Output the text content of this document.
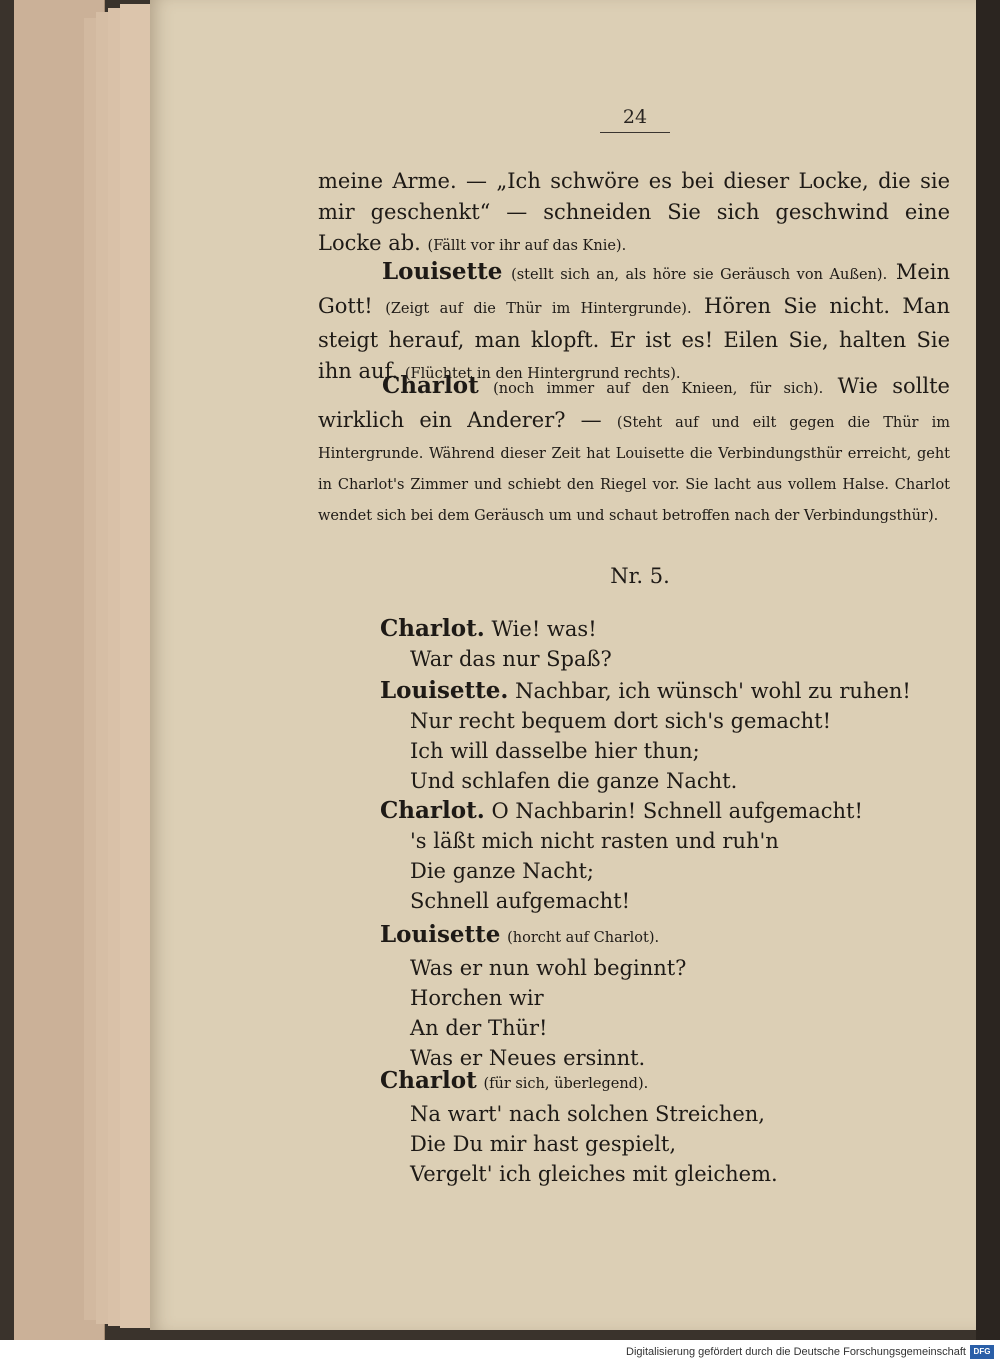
24
meine Arme. — „Ich schwöre es bei dieser Locke, die sie mir geschenkt“ — schneiden Sie sich geschwind eine Locke ab. (Fällt vor ihr auf das Knie).
Louisette (stellt sich an, als höre sie Geräusch von Außen). Mein Gott! (Zeigt auf die Thür im Hintergrunde). Hören Sie nicht. Man steigt herauf, man klopft. Er ist es! Eilen Sie, halten Sie ihn auf. (Flüchtet in den Hintergrund rechts).
Charlot (noch immer auf den Knieen, für sich). Wie sollte wirklich ein Anderer? — (Steht auf und eilt gegen die Thür im Hintergrunde. Während dieser Zeit hat Louisette die Verbindungsthür erreicht, geht in Charlot's Zimmer und schiebt den Riegel vor. Sie lacht aus vollem Halse. Charlot wendet sich bei dem Geräusch um und schaut betroffen nach der Verbindungsthür).
Nr. 5.
Charlot. Wie! was!
War das nur Spaß?
Louisette. Nachbar, ich wünsch' wohl zu ruhen!
Nur recht bequem dort sich's gemacht!
Ich will dasselbe hier thun;
Und schlafen die ganze Nacht.
Charlot. O Nachbarin! Schnell aufgemacht!
's läßt mich nicht rasten und ruh'n
Die ganze Nacht;
Schnell aufgemacht!
Louisette (horcht auf Charlot).
Was er nun wohl beginnt?
Horchen wir
An der Thür!
Was er Neues ersinnt.
Charlot (für sich, überlegend).
Na wart' nach solchen Streichen,
Die Du mir hast gespielt,
Vergelt' ich gleiches mit gleichem.
Digitalisierung gefördert durch die Deutsche Forschungsgemeinschaft DFG
